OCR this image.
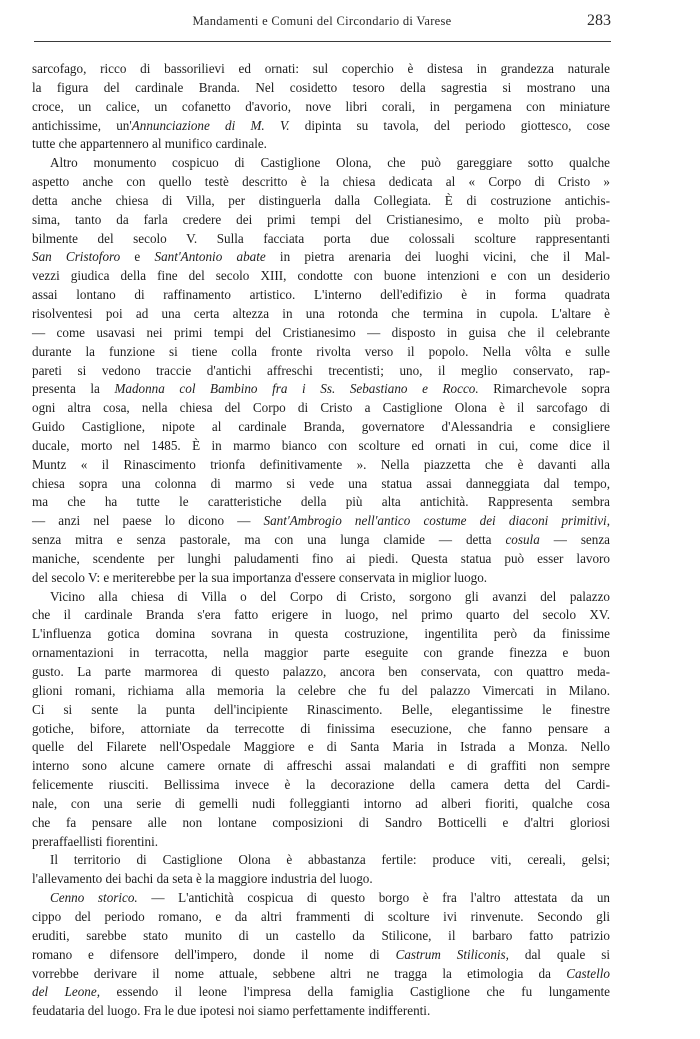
Mandamenti e Comuni del Circondario di Varese	283
sarcofago, ricco di bassorilievi ed ornati: sul coperchio è distesa in grandezza naturale
la figura del cardinale Branda. Nel cosidetto tesoro della sagrestia si mostrano una
croce, un calice, un cofanetto d'avorio, nove libri corali, in pergamena con miniature
antichissime, un'Annunciazione di M. V. dipinta su tavola, del periodo giottesco, cose
tutte che appartennero al munifico cardinale.
Altro monumento cospicuo di Castiglione Olona, che può gareggiare sotto qualche
aspetto anche con quello testè descritto è la chiesa dedicata al « Corpo di Cristo »
detta anche chiesa di Villa, per distinguerla dalla Collegiata. È di costruzione antichis-
sima, tanto da farla credere dei primi tempi del Cristianesimo, e molto più proba-
bilmente del secolo V. Sulla facciata porta due colossali scolture rappresentanti
San Cristoforo e Sant'Antonio abate in pietra arenaria dei luoghi vicini, che il Mal-
vezzi giudica della fine del secolo XIII, condotte con buone intenzioni e con un desiderio
assai lontano di raffinamento artistico. L'interno dell'edifizio è in forma quadrata
risolventesi poi ad una certa altezza in una rotonda che termina in cupola. L'altare è
— come usavasi nei primi tempi del Cristianesimo — disposto in guisa che il celebrante
durante la funzione si tiene colla fronte rivolta verso il popolo. Nella vôlta e sulle
pareti si vedono traccie d'antichi affreschi trecentisti; uno, il meglio conservato, rap-
presenta la Madonna col Bambino fra i Ss. Sebastiano e Rocco. Rimarchevole sopra
ogni altra cosa, nella chiesa del Corpo di Cristo a Castiglione Olona è il sarcofago di
Guido Castiglione, nipote al cardinale Branda, governatore d'Alessandria e consigliere
ducale, morto nel 1485. È in marmo bianco con scolture ed ornati in cui, come dice il
Muntz « il Rinascimento trionfa definitivamente ». Nella piazzetta che è davanti alla
chiesa sopra una colonna di marmo si vede una statua assai danneggiata dal tempo,
ma che ha tutte le caratteristiche della più alta antichità. Rappresenta sembra
— anzi nel paese lo dicono — Sant'Ambrogio nell'antico costume dei diaconi primitivi,
senza mitra e senza pastorale, ma con una lunga clamide — detta cosula — senza
maniche, scendente per lunghi paludamenti fino ai piedi. Questa statua può esser lavoro
del secolo V: e meriterebbe per la sua importanza d'essere conservata in miglior luogo.
Vicino alla chiesa di Villa o del Corpo di Cristo, sorgono gli avanzi del palazzo
che il cardinale Branda s'era fatto erigere in luogo, nel primo quarto del secolo XV.
L'influenza gotica domina sovrana in questa costruzione, ingentilita però da finissime
ornamentazioni in terracotta, nella maggior parte eseguite con grande finezza e buon
gusto. La parte marmorea di questo palazzo, ancora ben conservata, con quattro meda-
glioni romani, richiama alla memoria la celebre che fu del palazzo Vimercati in Milano.
Ci si sente la punta dell'incipiente Rinascimento. Belle, elegantissime le finestre
gotiche, bifore, attorniate da terrecotte di finissima esecuzione, che fanno pensare a
quelle del Filarete nell'Ospedale Maggiore e di Santa Maria in Istrada a Monza. Nello
interno sono alcune camere ornate di affreschi assai malandati e di graffiti non sempre
felicemente riusciti. Bellissima invece è la decorazione della camera detta del Cardi-
nale, con una serie di gemelli nudi folleggianti intorno ad alberi fioriti, qualche cosa
che fa pensare alle non lontane composizioni di Sandro Botticelli e d'altri gloriosi
preraffaellisti fiorentini.
Il territorio di Castiglione Olona è abbastanza fertile: produce viti, cereali, gelsi;
l'allevamento dei bachi da seta è la maggiore industria del luogo.
Cenno storico. — L'antichità cospicua di questo borgo è fra l'altro attestata da un
cippo del periodo romano, e da altri frammenti di scolture ivi rinvenute. Secondo gli
eruditi, sarebbe stato munito di un castello da Stilicone, il barbaro fatto patrizio
romano e difensore dell'impero, donde il nome di Castrum Stiliconis, dal quale si
vorrebbe derivare il nome attuale, sebbene altri ne tragga la etimologia da Castello
del Leone, essendo il leone l'impresa della famiglia Castiglione che fu lungamente
feudataria del luogo. Fra le due ipotesi noi siamo perfettamente indifferenti.
